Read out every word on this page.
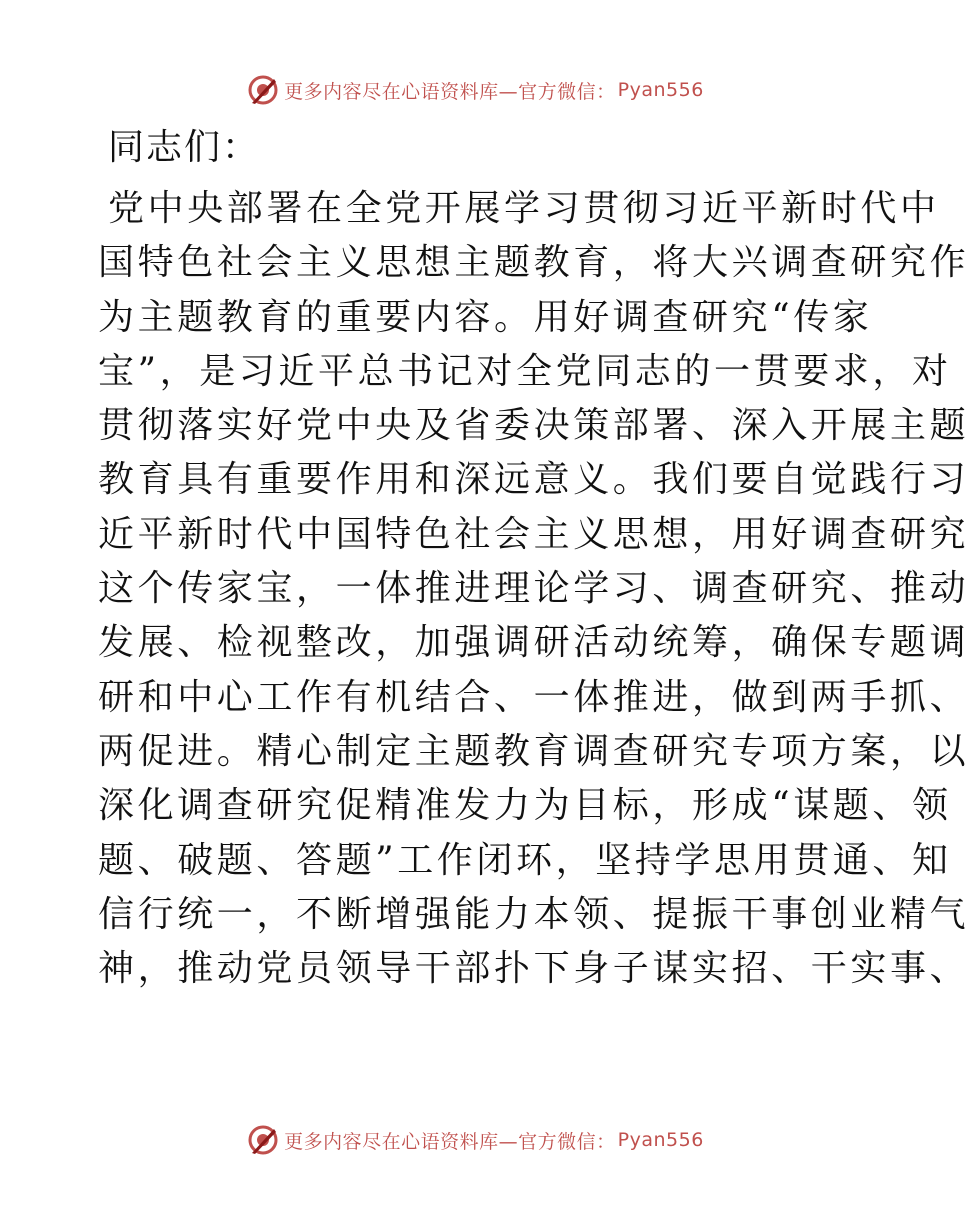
更多内容尽在心语资料库—官方微信： Pyan556
同志们：
党中央部署在全党开展学习贯彻习近平新时代中
国特色社会主义思想主题教育，将大兴调查研究作
为主题教育的重要内容。用好调查研究“传家
宝”，是习近平总书记对全党同志的一贯要求，对
贯彻落实好党中央及省委决策部署、深入开展主题
教育具有重要作用和深远意义。我们要自觉践行习
近平新时代中国特色社会主义思想，用好调查研究
这个传家宝，一体推进理论学习、调查研究、推动
发展、检视整改，加强调研活动统筹，确保专题调
研和中心工作有机结合、一体推进，做到两手抓、
两促进。精心制定主题教育调查研究专项方案，以
深化调查研究促精准发力为目标，形成“谋题、领
题、破题、答题”工作闭环，坚持学思用贯通、知
信行统一，不断增强能力本领、提振干事创业精气
神，推动党员领导干部扑下身子谋实招、干实事、
更多内容尽在心语资料库—官方微信： Pyan556
